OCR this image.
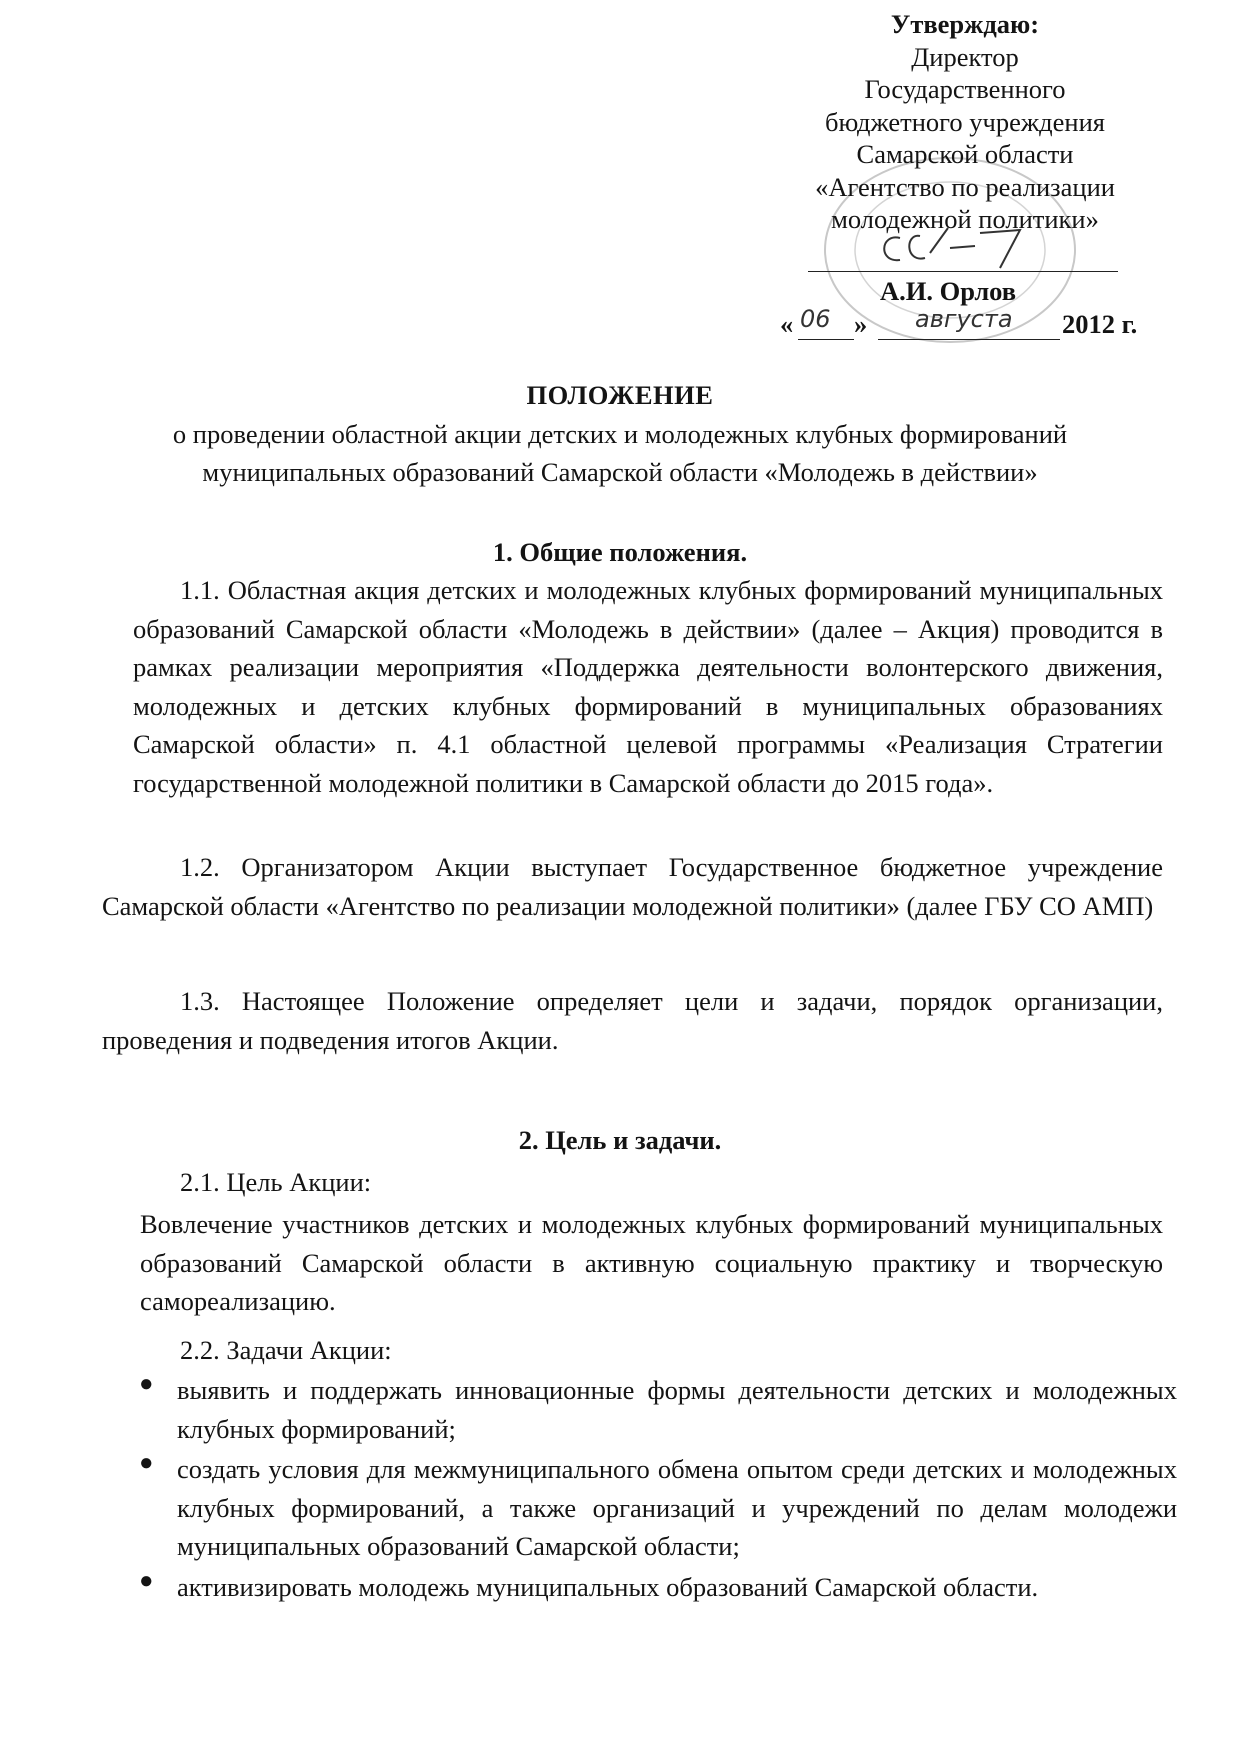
Утверждаю:
Директор
Государственного
бюджетного учреждения
Самарской области
«Агентство по реализации
молодежной политики»
А.И. Орлов
« 06 » августа 2012 г.
ПОЛОЖЕНИЕ
о проведении областной акции детских и молодежных клубных формирований
муниципальных образований Самарской области «Молодежь в действии»
1. Общие положения.
1.1. Областная акция детских и молодежных клубных формирований муниципальных образований Самарской области «Молодежь в действии» (далее – Акция) проводится в рамках реализации мероприятия «Поддержка деятельности волонтерского движения, молодежных и детских клубных формирований в муниципальных образованиях Самарской области» п. 4.1 областной целевой программы «Реализация Стратегии государственной молодежной политики в Самарской области до 2015 года».
1.2. Организатором Акции выступает Государственное бюджетное учреждение Самарской области «Агентство по реализации молодежной политики» (далее ГБУ СО АМП)
1.3. Настоящее Положение определяет цели и задачи, порядок организации, проведения и подведения итогов Акции.
2. Цель и задачи.
2.1. Цель Акции:
Вовлечение участников детских и молодежных клубных формирований муниципальных образований Самарской области в активную социальную практику и творческую самореализацию.
2.2. Задачи Акции:
● выявить и поддержать инновационные формы деятельности детских и молодежных клубных формирований;
● создать условия для межмуниципального обмена опытом среди детских и молодежных клубных формирований, а также организаций и учреждений по делам молодежи муниципальных образований Самарской области;
● активизировать молодежь муниципальных образований Самарской области.
